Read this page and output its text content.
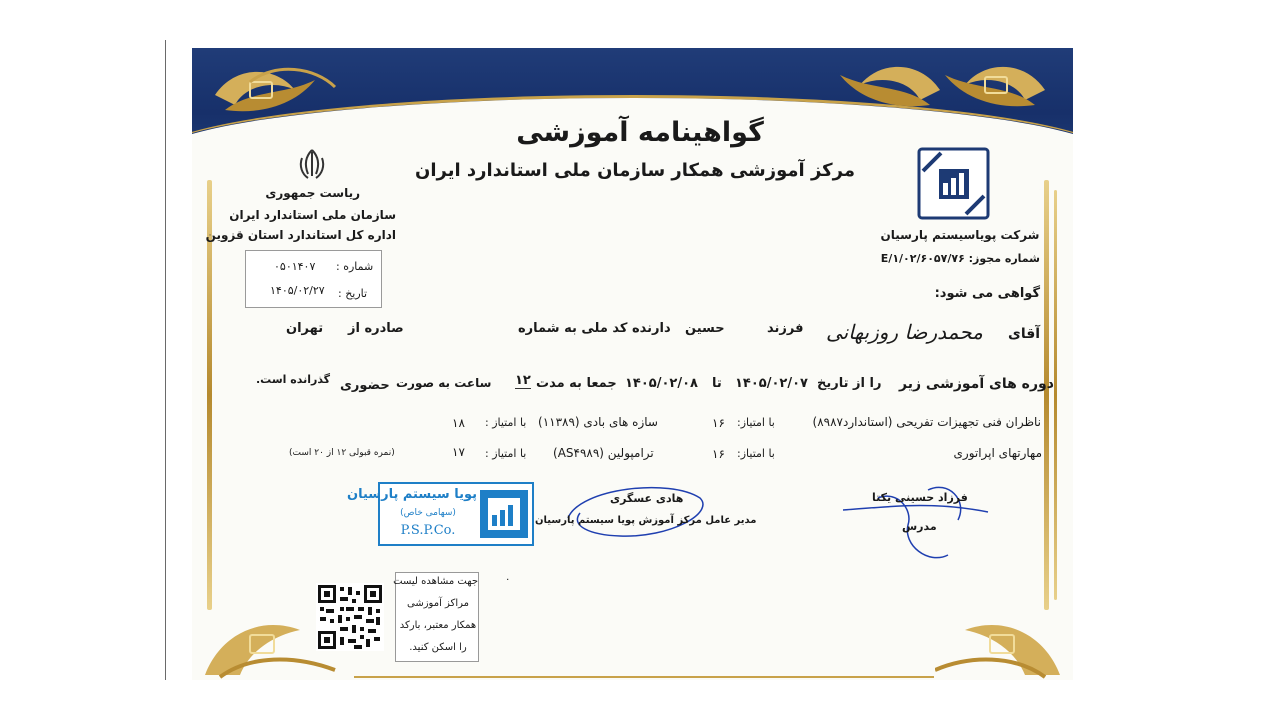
گواهینامه آموزشی
مرکز آموزشی همکار سازمان ملی استاندارد ایران
ریاست جمهوری
سازمان ملی استاندارد ایران
اداره کل استاندارد استان قزوین
شماره :
۰۵۰۱۴۰۷
تاریخ :
۱۴۰۵/۰۲/۲۷
شرکت پویاسیستم پارسیان
شماره مجوز: ۱/۰۲/۶۰۵۷/۷۶/E
گواهی می شود:
آقای
محمدرضا روزبهانی
فرزند
حسین
دارنده کد ملی به شماره
صادره از
تهران
دوره های آموزشی زیر
را از تاریخ
۱۴۰۵/۰۲/۰۷
تا
۱۴۰۵/۰۲/۰۸
جمعا به مدت
۱۲
ساعت به صورت
حضوری
گذرانده است.
ناظران فنی تجهیزات تفریحی (استاندارد۸۹۸۷)
با امتیاز:
۱۶
سازه های بادی (۱۱۳۸۹)
با امتیاز :
۱۸
مهارتهای اپراتوری
با امتیاز:
۱۶
ترامپولین (AS۴۹۸۹)
با امتیاز :
۱۷
(نمره قبولی ۱۲ از ۲۰ است)
پویا سیستم پارسیان
(سهامی خاص)
P.S.P.Co.
هادی عسگری
مدیر عامل مرکز آموزش پویا سیستم پارسیان
فرزاد حسینی یکتا
مدرس
جهت مشاهده لیست
مراکز آموزشی
همکار معتبر، بارکد
را اسکن کنید.
۰
